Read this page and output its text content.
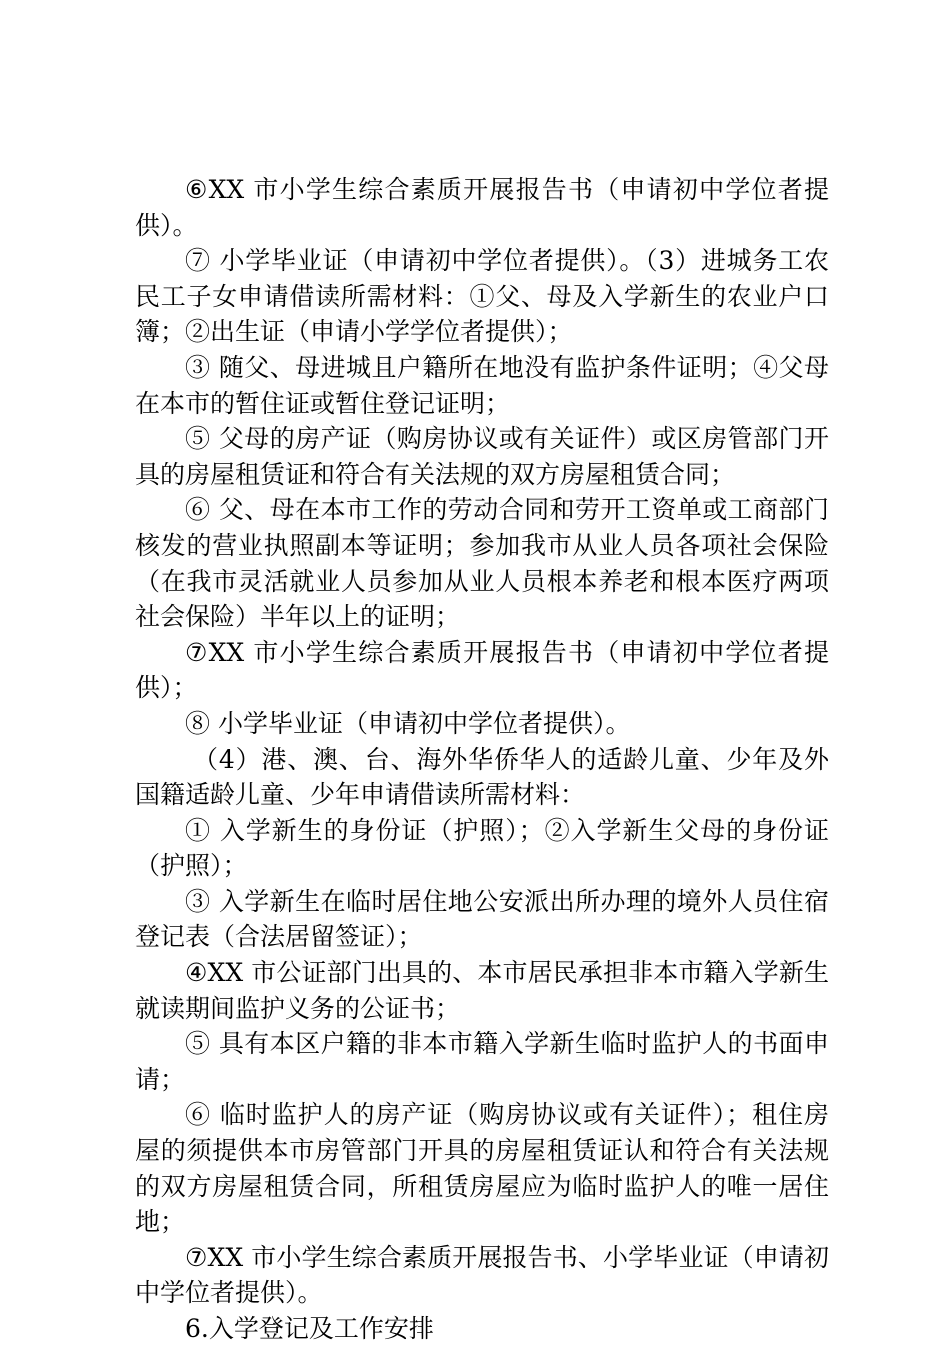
⑥XX 市小学生综合素质开展报告书（申请初中学位者提供）。

⑦ 小学毕业证（申请初中学位者提供）。（3）进城务工农民工子女申请借读所需材料：①父、母及入学新生的农业户口簿；②出生证（申请小学学位者提供）；

③ 随父、母进城且户籍所在地没有监护条件证明；④父母在本市的暂住证或暂住登记证明；

⑤ 父母的房产证（购房协议或有关证件）或区房管部门开具的房屋租赁证和符合有关法规的双方房屋租赁合同；

⑥ 父、母在本市工作的劳动合同和劳开工资单或工商部门核发的营业执照副本等证明；参加我市从业人员各项社会保险（在我市灵活就业人员参加从业人员根本养老和根本医疗两项社会保险）半年以上的证明；

⑦XX 市小学生综合素质开展报告书（申请初中学位者提供）；

⑧ 小学毕业证（申请初中学位者提供）。

（4）港、澳、台、海外华侨华人的适龄儿童、少年及外国籍适龄儿童、少年申请借读所需材料：

① 入学新生的身份证（护照）；②入学新生父母的身份证（护照）；

③ 入学新生在临时居住地公安派出所办理的境外人员住宿登记表（合法居留签证）；

④XX 市公证部门出具的、本市居民承担非本市籍入学新生就读期间监护义务的公证书；

⑤ 具有本区户籍的非本市籍入学新生临时监护人的书面申请；

⑥ 临时监护人的房产证（购房协议或有关证件）；租住房屋的须提供本市房管部门开具的房屋租赁证认和符合有关法规的双方房屋租赁合同，所租赁房屋应为临时监护人的唯一居住地；

⑦XX 市小学生综合素质开展报告书、小学毕业证（申请初中学位者提供）。

6.入学登记及工作安排
